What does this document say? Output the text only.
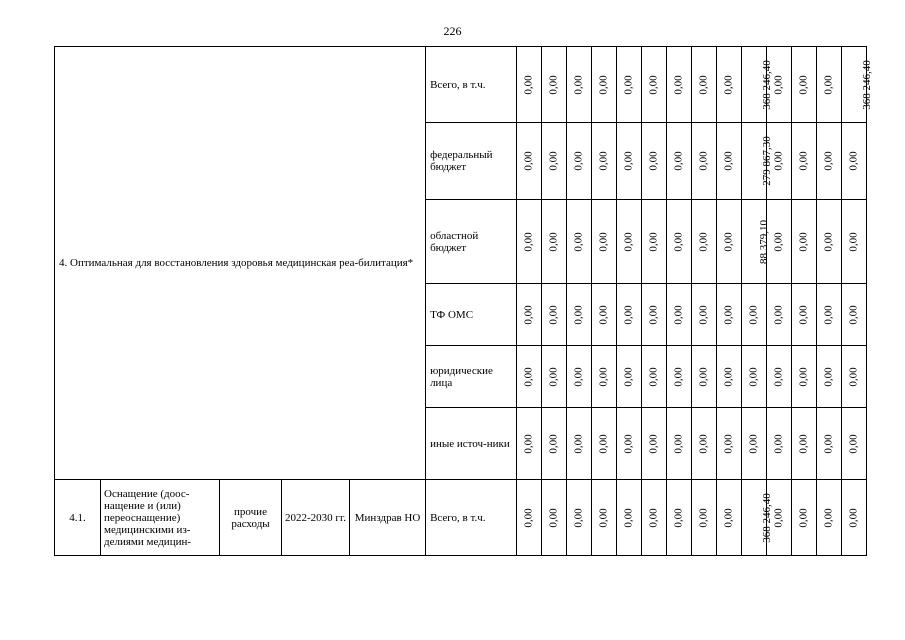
226
4. Оптимальная для восстановления здоровья медицинская реа-билитация*					Всего, в т.ч.	0,00	0,00	0,00	0,00	0,00	0,00	0,00	0,00	0,00	368 246,40	0,00	0,00	0,00	368 246,40
					федеральный бюджет	0,00	0,00	0,00	0,00	0,00	0,00	0,00	0,00	0,00	279 867,30	0,00	0,00	0,00	0,00
					областной бюджет	0,00	0,00	0,00	0,00	0,00	0,00	0,00	0,00	0,00	88 379,10	0,00	0,00	0,00	0,00
					ТФ ОМС	0,00	0,00	0,00	0,00	0,00	0,00	0,00	0,00	0,00	0,00	0,00	0,00	0,00	0,00
					юридические лица	0,00	0,00	0,00	0,00	0,00	0,00	0,00	0,00	0,00	0,00	0,00	0,00	0,00	0,00
					иные источ-ники	0,00	0,00	0,00	0,00	0,00	0,00	0,00	0,00	0,00	0,00	0,00	0,00	0,00	0,00
4.1.	Оснащение (доос-нащение и (или) переоснащение) медицинскими из-делиями медицин-	прочие расходы	2022-2030 гг.	Минздрав НО	Всего, в т.ч.	0,00	0,00	0,00	0,00	0,00	0,00	0,00	0,00	0,00	368 246,40	0,00	0,00	0,00	0,00
